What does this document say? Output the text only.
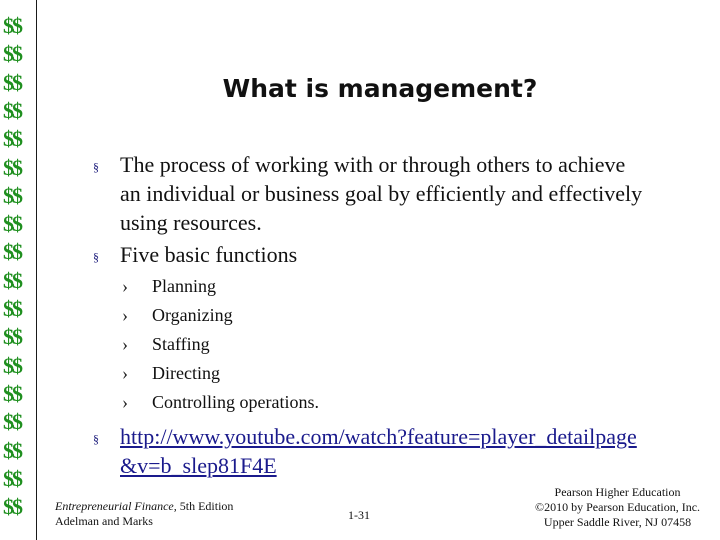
$$
$$
$$
$$
$$
$$
$$
$$
$$
$$
$$
$$
$$
$$
$$
$$
$$
$$
What is management?
§ The process of working with or through others to achieve
an individual or business goal by efficiently and effectively
using resources.
§ Five basic functions
› Planning
› Organizing
› Staffing
› Directing
› Controlling operations.
§ http://www.youtube.com/watch?feature=player_detailpage
&v=b_slep81F4E
Entrepreneurial Finance, 5th Edition
Adelman and Marks	1-31
Pearson Higher Education
©2010 by Pearson Education, Inc.
Upper Saddle River, NJ 07458
